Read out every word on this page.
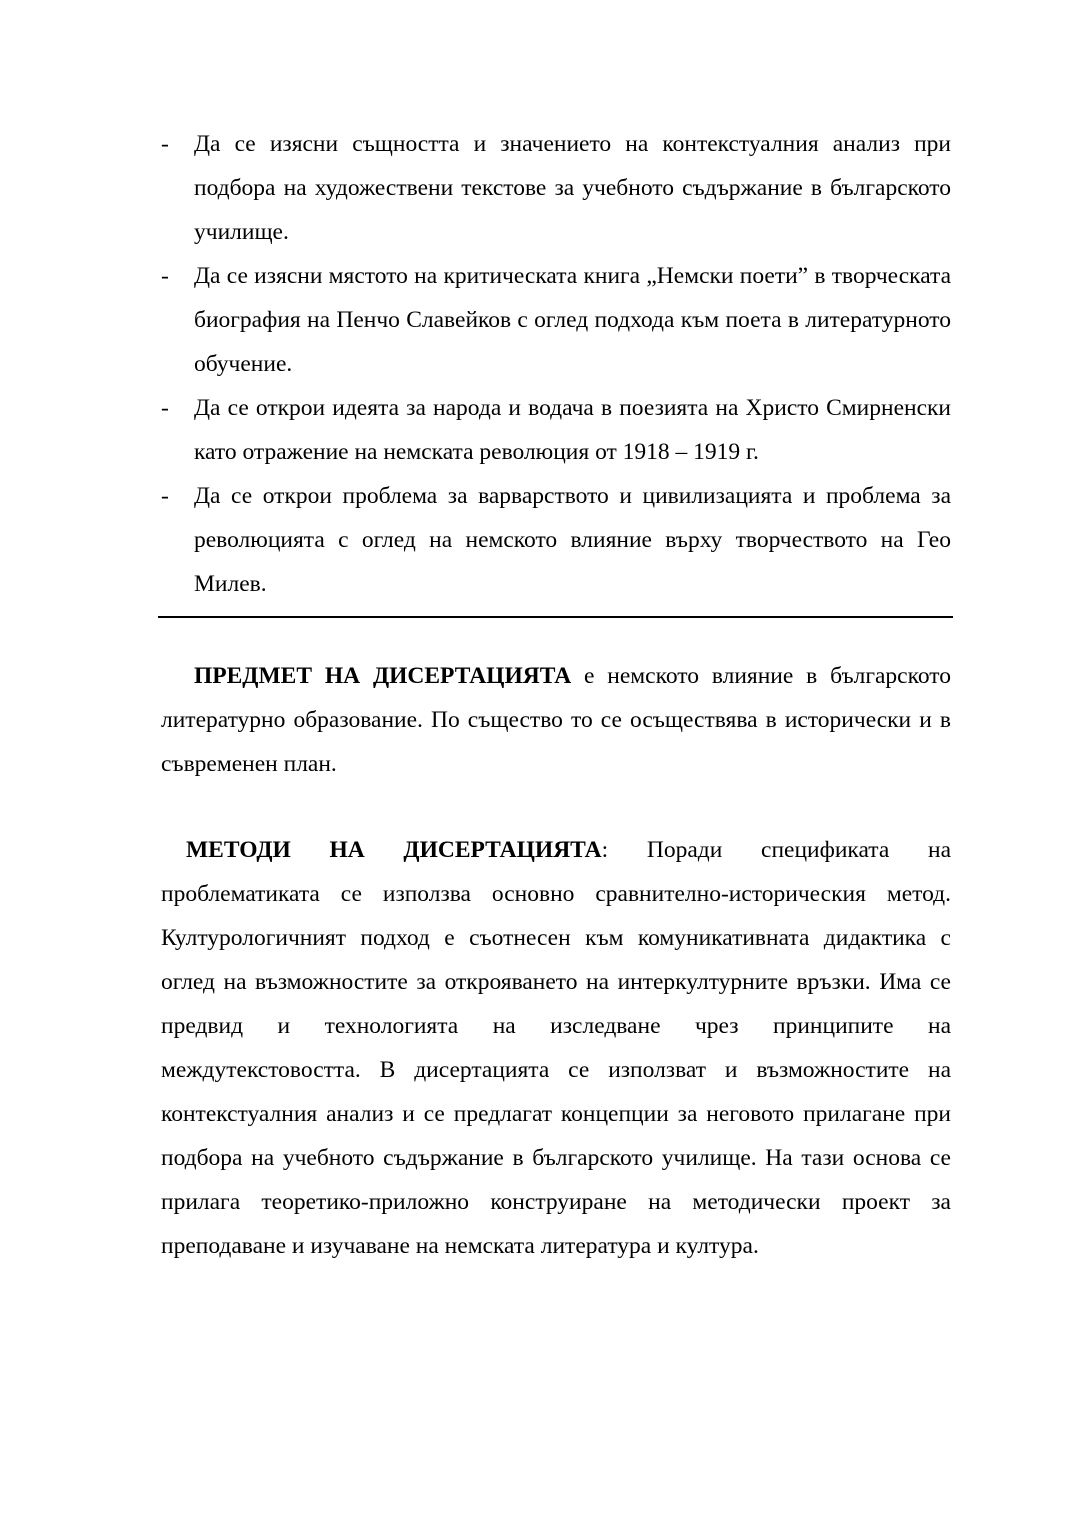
- Да се изясни същността и значението на контекстуалния анализ при подбора на художествени текстове за учебното съдържание в българското училище.
- Да се изясни мястото на критическата книга „Немски поети” в творческата биография на Пенчо Славейков с оглед подхода към поета в литературното обучение.
- Да се открои идеята за народа и водача в поезията на Христо Смирненски като отражение на немската революция от 1918 – 1919 г.
- Да се открои проблема за варварството и цивилизацията и проблема за революцията с оглед на немското влияние върху творчеството на Гео Милев.

ПРЕДМЕТ НА ДИСЕРТАЦИЯТА е немското влияние в българското литературно образование. По същество то се осъществява в исторически и в съвременен план.

МЕТОДИ НА ДИСЕРТАЦИЯТА: Поради спецификата на проблематиката се използва основно сравнително-историческия метод. Културологичният подход е съотнесен към комуникативната дидактика с оглед на възможностите за открояването на интеркултурните връзки. Има се предвид и технологията на изследване чрез принципите на междутекстовостта. В дисертацията се използват и възможностите на контекстуалния анализ и се предлагат концепции за неговото прилагане при подбора на учебното съдържание в българското училище. На тази основа се прилага теоретико-приложно конструиране на методически проект за преподаване и изучаване на немската литература и култура.
